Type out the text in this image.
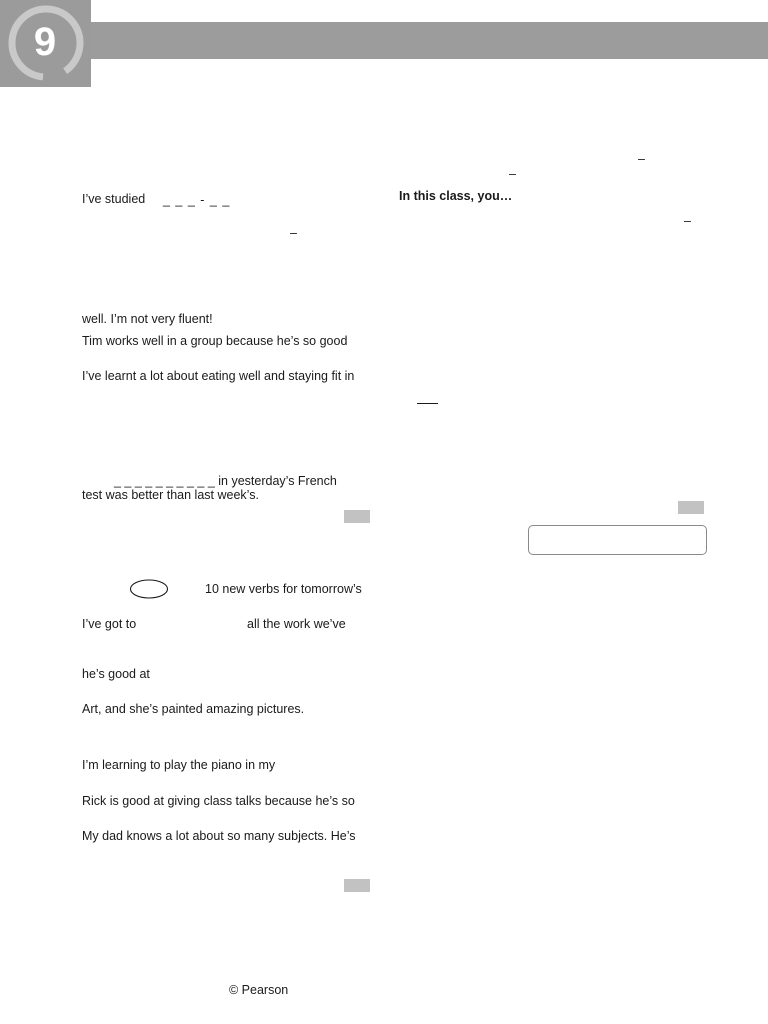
9
I’ve studied _ _ _ - _ _
–
well. I’m not very fluent!
Tim works well in a group because he’s so good
I’ve learnt a lot about eating well and staying fit in
_ _ _ _ _ _ _ _ _ _ in yesterday’s French
test was better than last week’s.
10 new verbs for tomorrow’s
I’ve got to	all the work we’ve
he’s good at
Art, and she’s painted amazing pictures.
I’m learning to play the piano in my
Rick is good at giving class talks because he’s so
My dad knows a lot about so many subjects. He’s
–
–
In this class, you…
–
© Pearson
